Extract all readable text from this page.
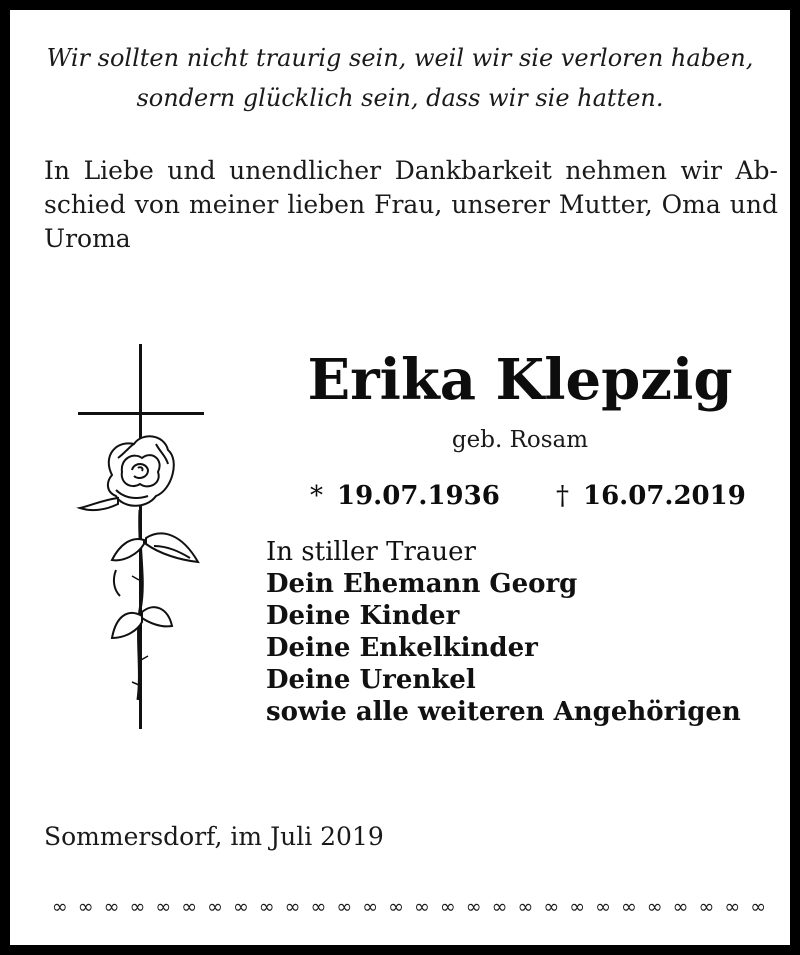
Wir sollten nicht traurig sein, weil wir sie verloren haben,
sondern glücklich sein, dass wir sie hatten.
In Liebe und unendlicher Dankbarkeit nehmen wir Ab-
schied von meiner lieben Frau, unserer Mutter, Oma und
Uroma
Erika Klepzig
geb. Rosam
* 19.07.1936 † 16.07.2019
In stiller Trauer
Dein Ehemann Georg
Deine Kinder
Deine Enkelkinder
Deine Urenkel
sowie alle weiteren Angehörigen
Sommersdorf, im Juli 2019
∞ ∞ ∞ ∞ ∞ ∞ ∞ ∞ ∞ ∞ ∞ ∞ ∞ ∞ ∞ ∞ ∞ ∞ ∞ ∞ ∞ ∞ ∞ ∞ ∞ ∞ ∞ ∞
